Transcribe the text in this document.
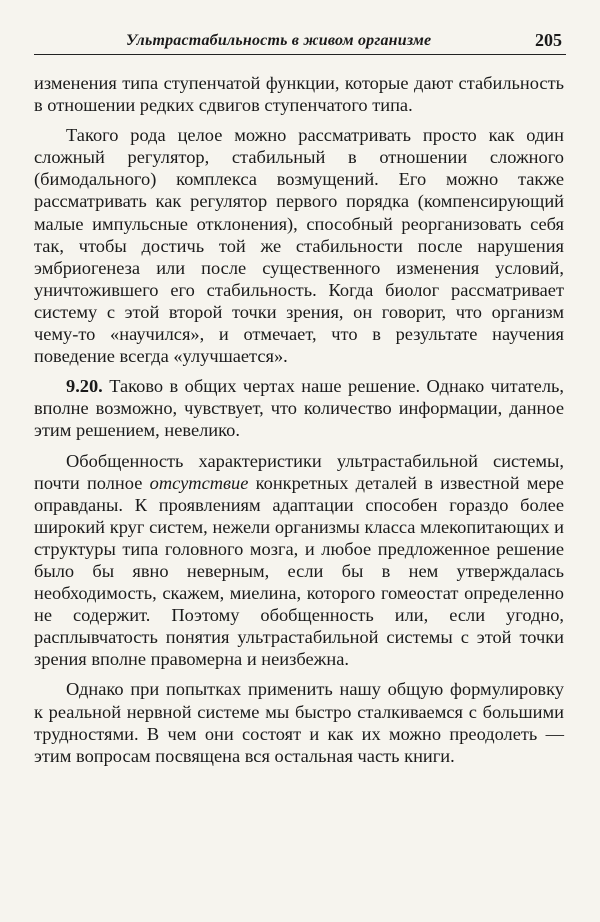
Ультрастабильность в живом организме	205

изменения типа ступенчатой функции, которые дают стабильность в отношении редких сдвигов ступенчатого типа.

Такого рода целое можно рассматривать просто как один сложный регулятор, стабильный в отношении сложного (бимодального) комплекса возмущений. Его можно также рассматривать как регулятор первого порядка (компенсирующий малые импульсные отклонения), способный реорганизовать себя так, чтобы достичь той же стабильности после нарушения эмбриогенеза или после существенного изменения условий, уничтожившего его стабильность. Когда биолог рассматривает систему с этой второй точки зрения, он говорит, что организм чему-то «научился», и отмечает, что в результате научения поведение всегда «улучшается».

9.20. Таково в общих чертах наше решение. Однако читатель, вполне возможно, чувствует, что количество информации, данное этим решением, невелико.

Обобщенность характеристики ультрастабильной системы, почти полное отсутствие конкретных деталей в известной мере оправданы. К проявлениям адаптации способен гораздо более широкий круг систем, нежели организмы класса млекопитающих и структуры типа головного мозга, и любое предложенное решение было бы явно неверным, если бы в нем утверждалась необходимость, скажем, миелина, которого гомеостат определенно не содержит. Поэтому обобщенность или, если угодно, расплывчатость понятия ультрастабильной системы с этой точки зрения вполне правомерна и неизбежна.

Однако при попытках применить нашу общую формулировку к реальной нервной системе мы быстро сталкиваемся с большими трудностями. В чем они состоят и как их можно преодолеть — этим вопросам посвящена вся остальная часть книги.
